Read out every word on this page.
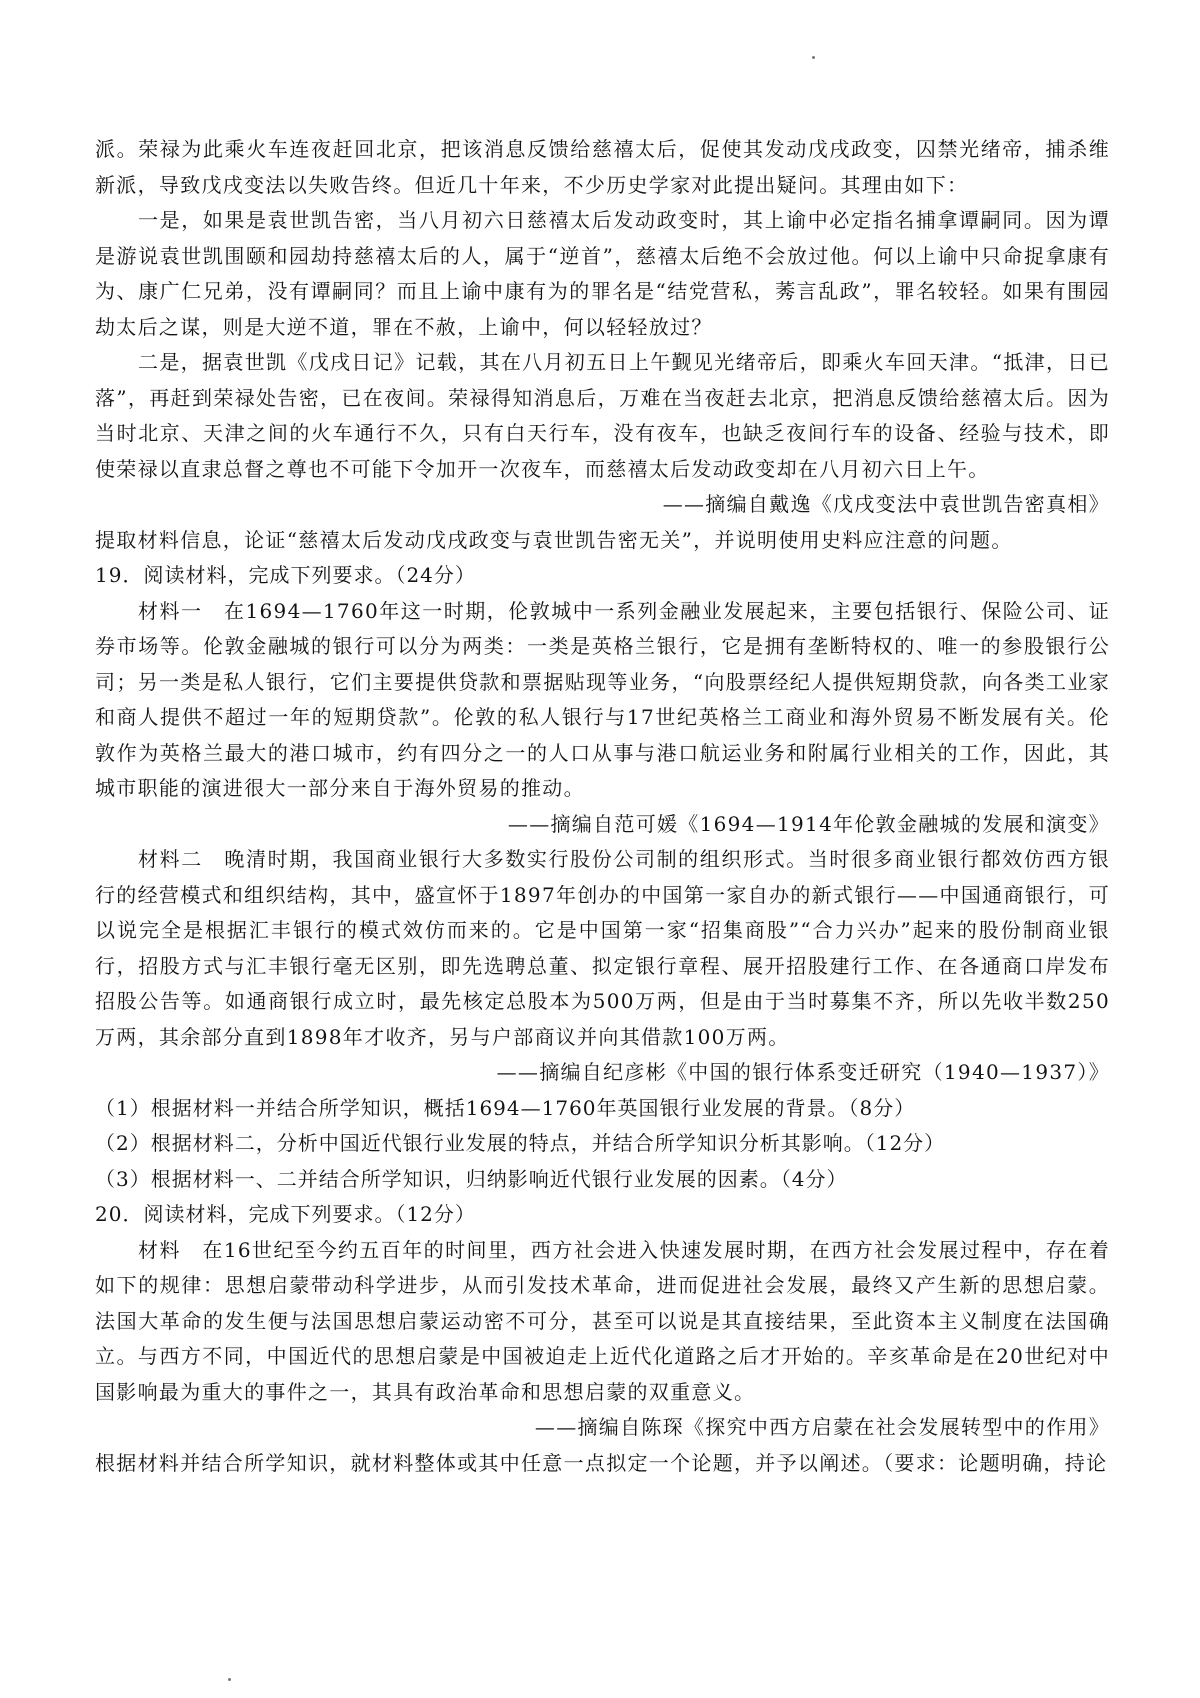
派。荣禄为此乘火车连夜赶回北京，把该消息反馈给慈禧太后，促使其发动戊戌政变，囚禁光绪帝，捕杀维新派，导致戊戌变法以失败告终。但近几十年来，不少历史学家对此提出疑问。其理由如下：

一是，如果是袁世凯告密，当八月初六日慈禧太后发动政变时，其上谕中必定指名捕拿谭嗣同。因为谭是游说袁世凯围颐和园劫持慈禧太后的人，属于“逆首”，慈禧太后绝不会放过他。何以上谕中只命捉拿康有为、康广仁兄弟，没有谭嗣同？而且上谕中康有为的罪名是“结党营私，莠言乱政”，罪名较轻。如果有围园劫太后之谋，则是大逆不道，罪在不赦，上谕中，何以轻轻放过？

二是，据袁世凯《戊戌日记》记载，其在八月初五日上午觐见光绪帝后，即乘火车回天津。“抵津，日已落”，再赶到荣禄处告密，已在夜间。荣禄得知消息后，万难在当夜赶去北京，把消息反馈给慈禧太后。因为当时北京、天津之间的火车通行不久，只有白天行车，没有夜车，也缺乏夜间行车的设备、经验与技术，即使荣禄以直隶总督之尊也不可能下令加开一次夜车，而慈禧太后发动政变却在八月初六日上午。

——摘编自戴逸《戊戌变法中袁世凯告密真相》

提取材料信息，论证“慈禧太后发动戊戌政变与袁世凯告密无关”，并说明使用史料应注意的问题。

19．阅读材料，完成下列要求。（24分）

材料一　在1694—1760年这一时期，伦敦城中一系列金融业发展起来，主要包括银行、保险公司、证券市场等。伦敦金融城的银行可以分为两类：一类是英格兰银行，它是拥有垄断特权的、唯一的参股银行公司；另一类是私人银行，它们主要提供贷款和票据贴现等业务，“向股票经纪人提供短期贷款，向各类工业家和商人提供不超过一年的短期贷款”。伦敦的私人银行与17世纪英格兰工商业和海外贸易不断发展有关。伦敦作为英格兰最大的港口城市，约有四分之一的人口从事与港口航运业务和附属行业相关的工作，因此，其城市职能的演进很大一部分来自于海外贸易的推动。

——摘编自范可媛《1694—1914年伦敦金融城的发展和演变》

材料二　晚清时期，我国商业银行大多数实行股份公司制的组织形式。当时很多商业银行都效仿西方银行的经营模式和组织结构，其中，盛宣怀于1897年创办的中国第一家自办的新式银行——中国通商银行，可以说完全是根据汇丰银行的模式效仿而来的。它是中国第一家“招集商股”“合力兴办”起来的股份制商业银行，招股方式与汇丰银行毫无区别，即先选聘总董、拟定银行章程、展开招股建行工作、在各通商口岸发布招股公告等。如通商银行成立时，最先核定总股本为500万两，但是由于当时募集不齐，所以先收半数250万两，其余部分直到1898年才收齐，另与户部商议并向其借款100万两。

——摘编自纪彦彬《中国的银行体系变迁研究（1940—1937）》

（1）根据材料一并结合所学知识，概括1694—1760年英国银行业发展的背景。（8分）

（2）根据材料二，分析中国近代银行业发展的特点，并结合所学知识分析其影响。（12分）

（3）根据材料一、二并结合所学知识，归纳影响近代银行业发展的因素。（4分）

20．阅读材料，完成下列要求。（12分）

材料　在16世纪至今约五百年的时间里，西方社会进入快速发展时期，在西方社会发展过程中，存在着如下的规律：思想启蒙带动科学进步，从而引发技术革命，进而促进社会发展，最终又产生新的思想启蒙。法国大革命的发生便与法国思想启蒙运动密不可分，甚至可以说是其直接结果，至此资本主义制度在法国确立。与西方不同，中国近代的思想启蒙是中国被迫走上近代化道路之后才开始的。辛亥革命是在20世纪对中国影响最为重大的事件之一，其具有政治革命和思想启蒙的双重意义。

——摘编自陈琛《探究中西方启蒙在社会发展转型中的作用》

根据材料并结合所学知识，就材料整体或其中任意一点拟定一个论题，并予以阐述。（要求：论题明确，持论
